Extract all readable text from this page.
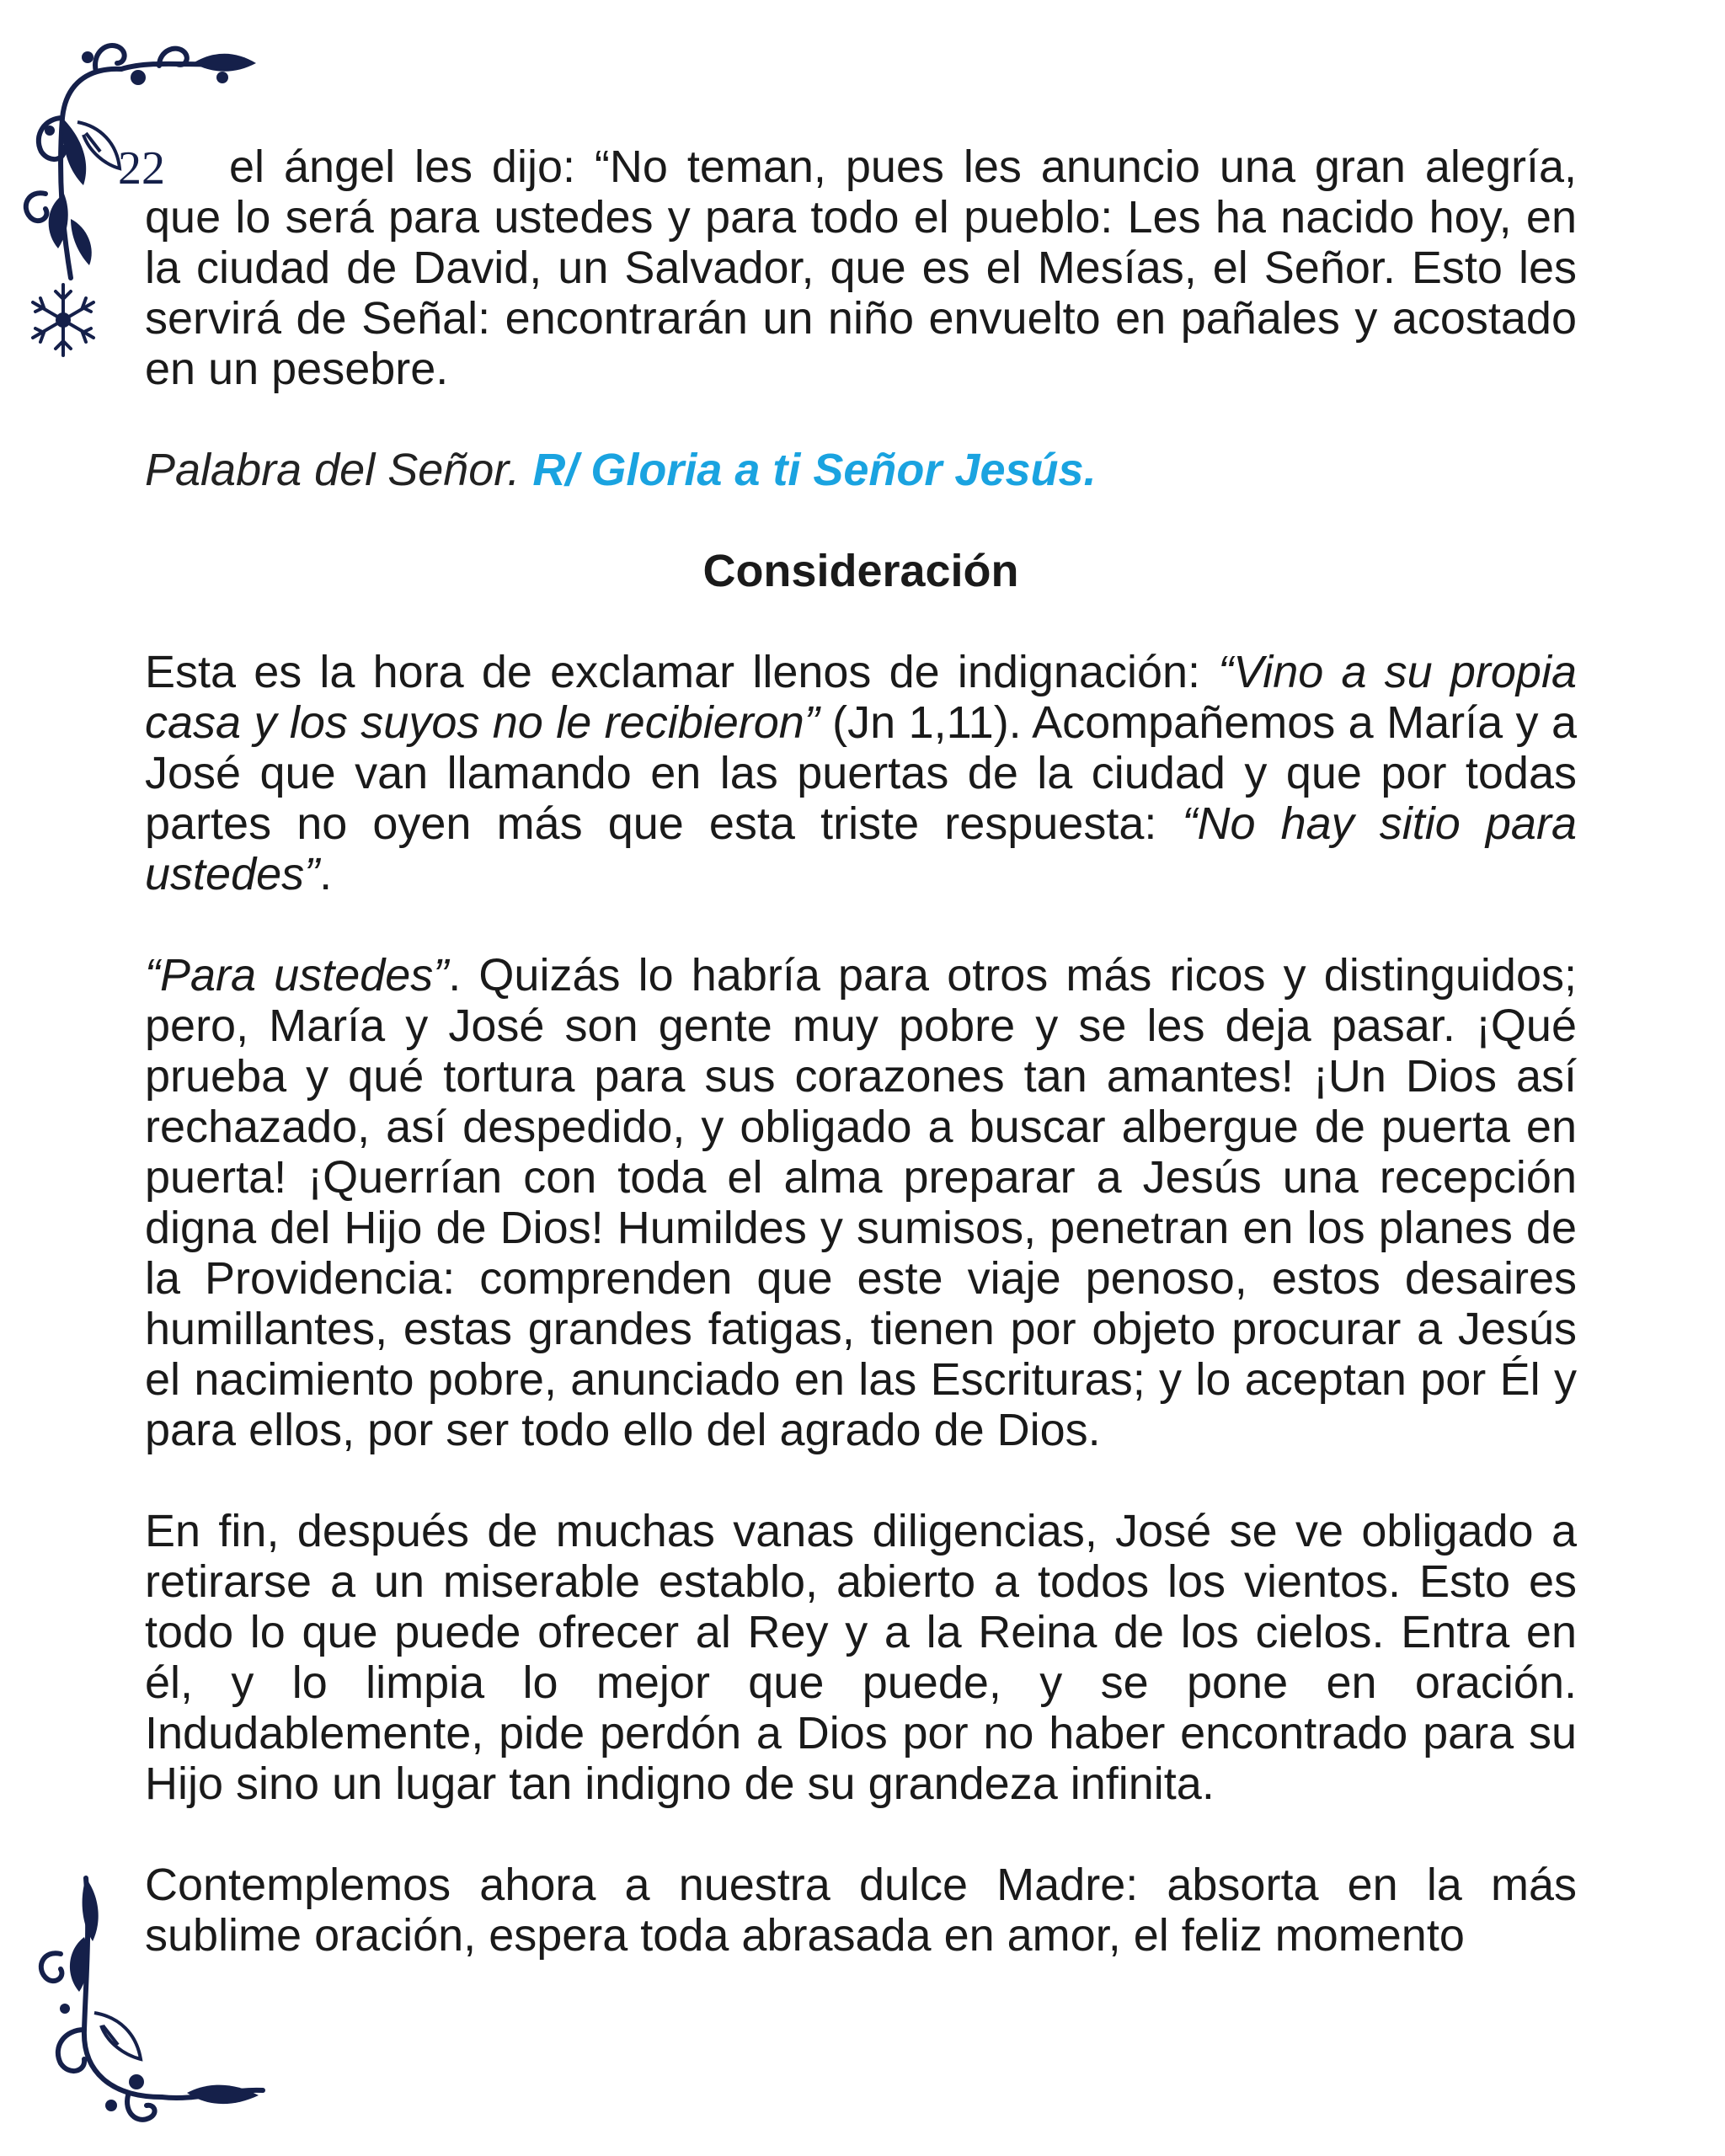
22	el ángel les dijo: “No teman, pues les anuncio una gran alegría, que lo será para ustedes y para todo el pueblo: Les ha nacido hoy, en la ciudad de David, un Salvador, que es el Mesías, el Señor. Esto les servirá de Señal: encontrarán un niño envuelto en pañales y acostado en un pesebre.

Palabra del Señor. R/ Gloria a ti Señor Jesús.

Consideración

Esta es la hora de exclamar llenos de indignación: “Vino a su propia casa y los suyos no le recibieron” (Jn 1,11). Acompañemos a María y a José que van llamando en las puertas de la ciudad y que por todas partes no oyen más que esta triste respuesta: “No hay sitio para ustedes”.

“Para ustedes”. Quizás lo habría para otros más ricos y distinguidos; pero, María y José son gente muy pobre y se les deja pasar. ¡Qué prueba y qué tortura para sus corazones tan amantes! ¡Un Dios así rechazado, así despedido, y obligado a buscar albergue de puerta en puerta! ¡Querrían con toda el alma preparar a Jesús una recepción digna del Hijo de Dios! Humildes y sumisos, penetran en los planes de la Providencia: comprenden que este viaje penoso, estos desaires humillantes, estas grandes fatigas, tienen por objeto procurar a Jesús el nacimiento pobre, anunciado en las Escrituras; y lo aceptan por Él y para ellos, por ser todo ello del agrado de Dios.

En fin, después de muchas vanas diligencias, José se ve obligado a retirarse a un miserable establo, abierto a todos los vientos. Esto es todo lo que puede ofrecer al Rey y a la Reina de los cielos. Entra en él, y lo limpia lo mejor que puede, y se pone en oración. Indudablemente, pide perdón a Dios por no haber encontrado para su Hijo sino un lugar tan indigno de su grandeza infinita.

Contemplemos ahora a nuestra dulce Madre: absorta en la más sublime oración, espera toda abrasada en amor, el feliz momento
